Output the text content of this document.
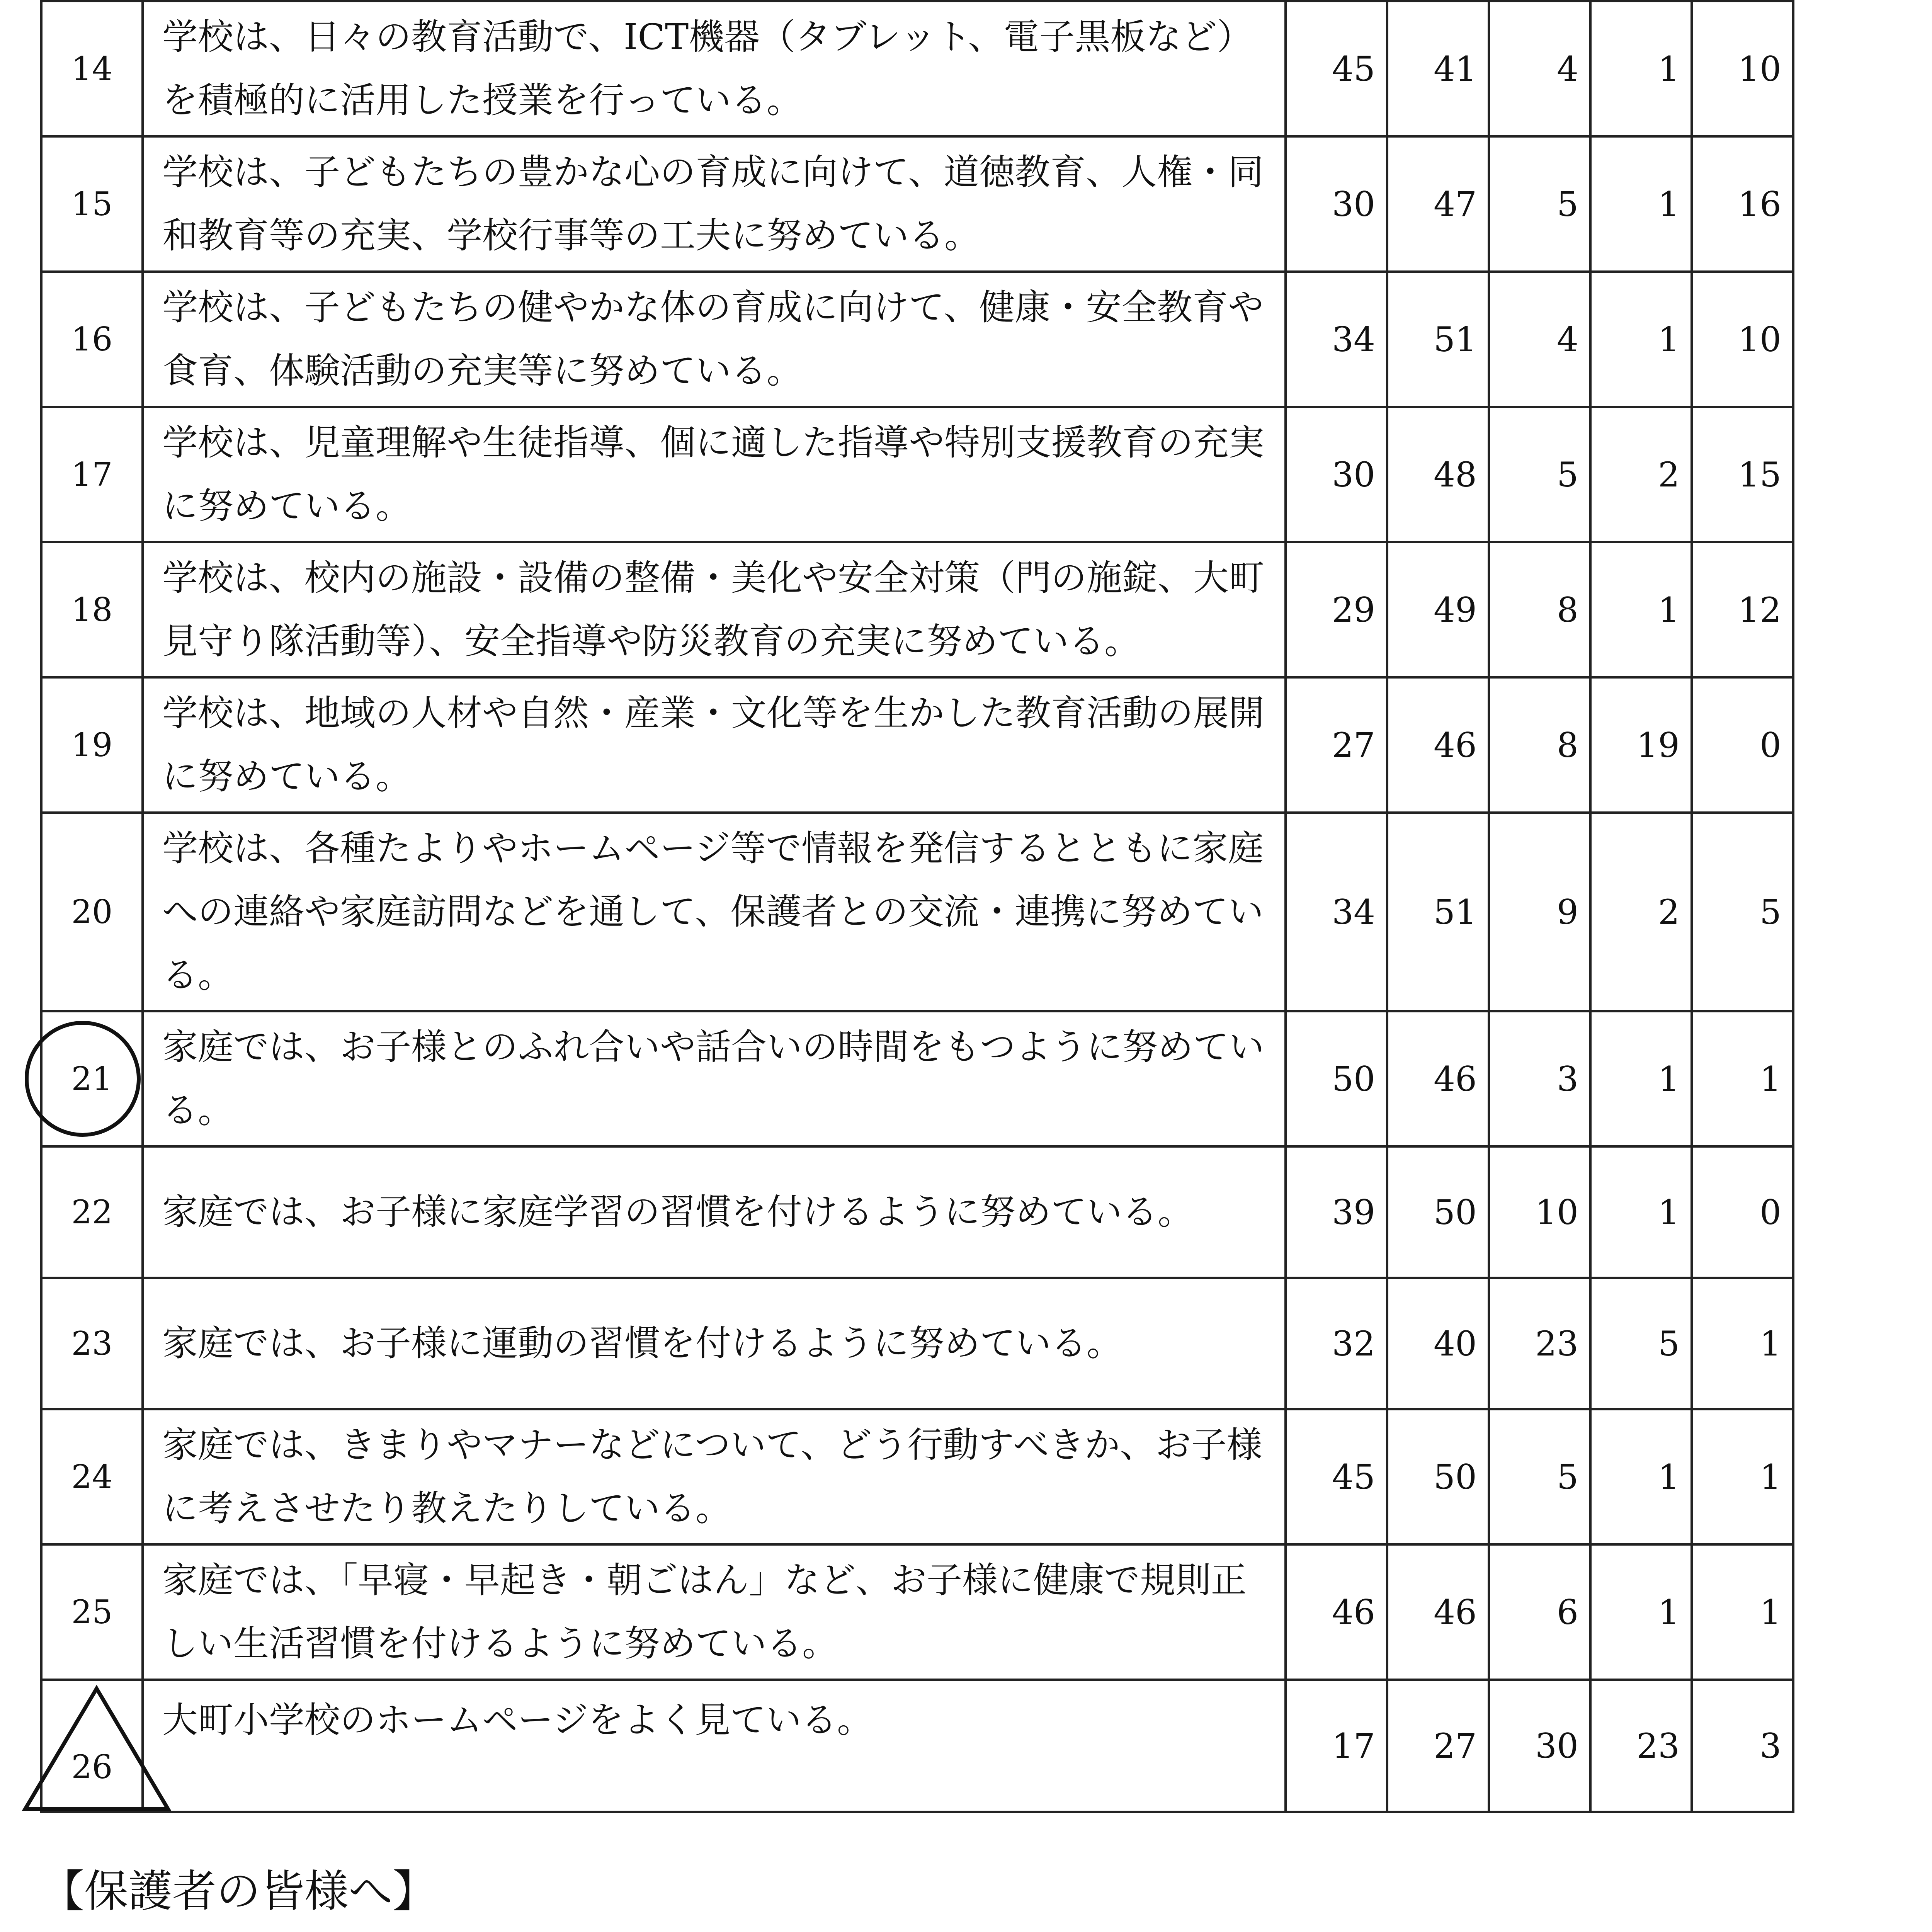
14	学校は、日々の教育活動で、ICT機器（タブレット、電子黒板など）を積極的に活用した授業を行っている。	45	41	4	1	10
15	学校は、子どもたちの豊かな心の育成に向けて、道徳教育、人権・同和教育等の充実、学校行事等の工夫に努めている。	30	47	5	1	16
16	学校は、子どもたちの健やかな体の育成に向けて、健康・安全教育や食育、体験活動の充実等に努めている。	34	51	4	1	10
17	学校は、児童理解や生徒指導、個に適した指導や特別支援教育の充実に努めている。	30	48	5	2	15
18	学校は、校内の施設・設備の整備・美化や安全対策（門の施錠、大町見守り隊活動等）、安全指導や防災教育の充実に努めている。	29	49	8	1	12
19	学校は、地域の人材や自然・産業・文化等を生かした教育活動の展開に努めている。	27	46	8	19	0
20	学校は、各種たよりやホームページ等で情報を発信するとともに家庭への連絡や家庭訪問などを通して、保護者との交流・連携に努めている。	34	51	9	2	5

21	家庭では、お子様とのふれ合いや話合いの時間をもつように努めている。	50	46	3	1	1
22	家庭では、お子様に家庭学習の習慣を付けるように努めている。	39	50	10	1	0
23	家庭では、お子様に運動の習慣を付けるように努めている。	32	40	23	5	1
24	家庭では、きまりやマナーなどについて、どう行動すべきか、お子様に考えさせたり教えたりしている。	45	50	5	1	1
25	家庭では、「早寝・早起き・朝ごはん」など、お子様に健康で規則正しい生活習慣を付けるように努めている。	46	46	6	1	1

26	大町小学校のホームページをよく見ている。	17	27	30	23	3

【保護者の皆様へ】
